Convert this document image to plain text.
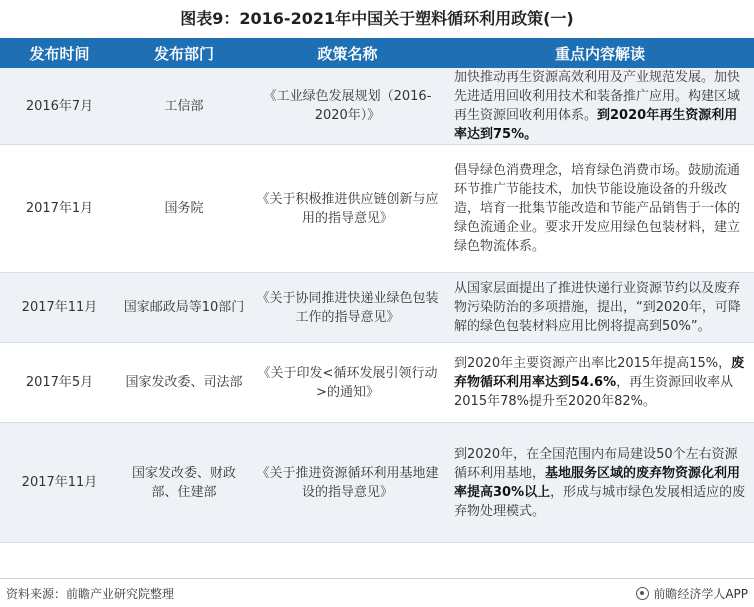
图表9：2016-2021年中国关于塑料循环利用政策(一)
发布时间	发布部门	政策名称	重点内容解读
2016年7月	工信部	《工业绿色发展规划（2016-2020年）》	加快推动再生资源高效利用及产业规范发展。加快先进适用回收利用技术和装备推广应用。构建区域再生资源回收利用体系。到2020年再生资源利用率达到75%。
2017年1月	国务院	《关于积极推进供应链创新与应用的指导意见》	倡导绿色消费理念，培育绿色消费市场。鼓励流通环节推广节能技术，加快节能设施设备的升级改造，培育一批集节能改造和节能产品销售于一体的绿色流通企业。要求开发应用绿色包装材料，建立绿色物流体系。
2017年11月	国家邮政局等10部门	《关于协同推进快递业绿色包装工作的指导意见》	从国家层面提出了推进快递行业资源节约以及废弃物污染防治的多项措施，提出，“到2020年，可降解的绿色包装材料应用比例将提高到50%”。
2017年5月	国家发改委、司法部	《关于印发<循环发展引领行动>的通知》	到2020年主要资源产出率比2015年提高15%，废弃物循环利用率达到54.6%，再生资源回收率从2015年78%提升至2020年82%。
2017年11月	国家发改委、财政部、住建部	《关于推进资源循环利用基地建设的指导意见》	到2020年，在全国范围内布局建设50个左右资源循环利用基地，基地服务区域的废弃物资源化利用率提高30%以上，形成与城市绿色发展相适应的废弃物处理模式。
资料来源：前瞻产业研究院整理	前瞻经济学人APP
